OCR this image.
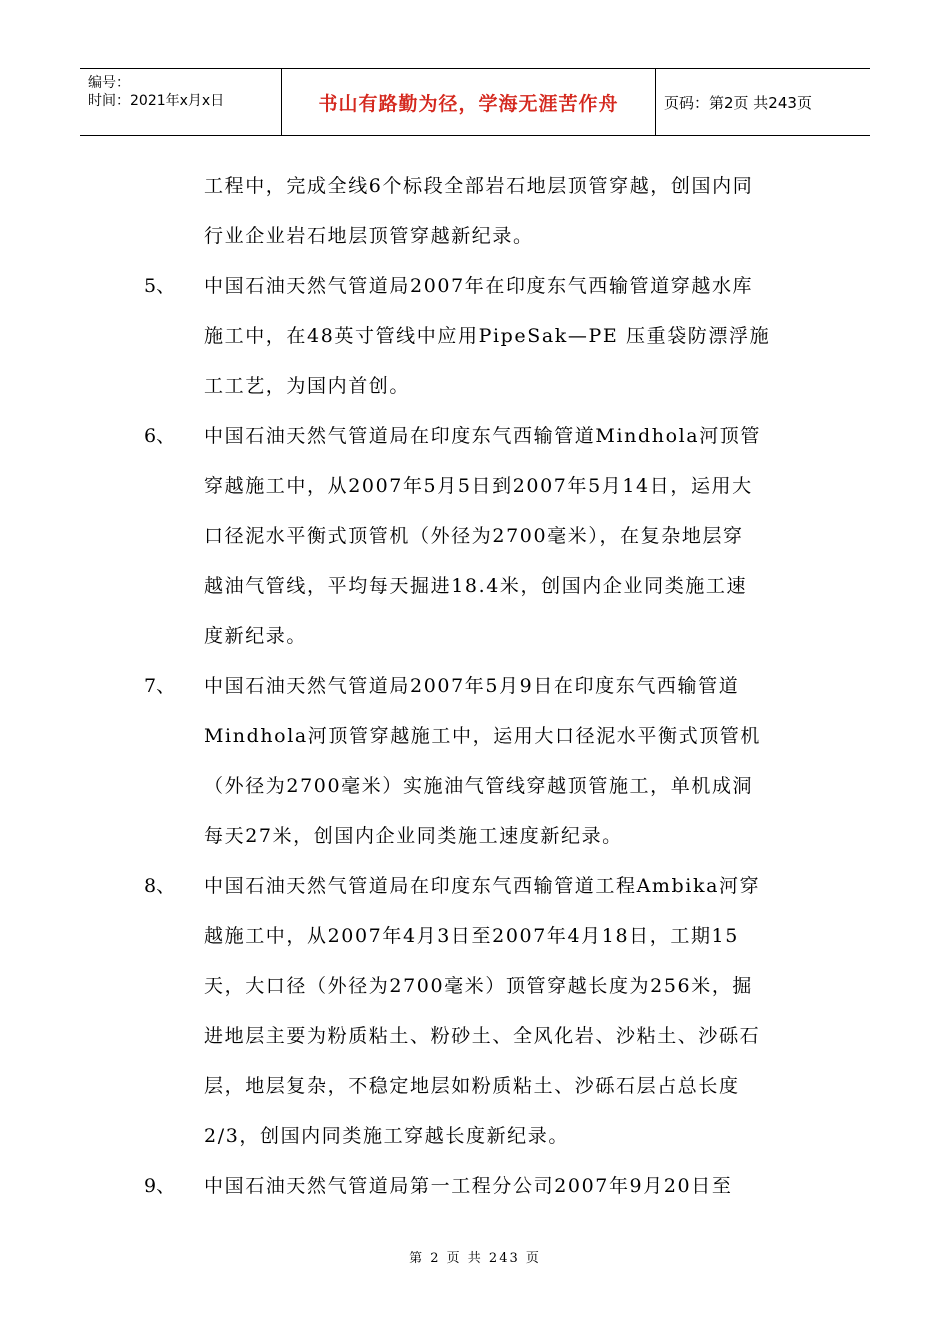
编号：
时间：2021年x月x日	书山有路勤为径，学海无涯苦作舟	页码：第2页 共243页
工程中，完成全线6个标段全部岩石地层顶管穿越，创国内同
行业企业岩石地层顶管穿越新纪录。
5、 中国石油天然气管道局2007年在印度东气西输管道穿越水库
施工中，在48英寸管线中应用PipeSak—PE 压重袋防漂浮施
工工艺，为国内首创。
6、 中国石油天然气管道局在印度东气西输管道Mindhola河顶管
穿越施工中，从2007年5月5日到2007年5月14日，运用大
口径泥水平衡式顶管机（外径为2700毫米），在复杂地层穿
越油气管线，平均每天掘进18.4米，创国内企业同类施工速
度新纪录。
7、 中国石油天然气管道局2007年5月9日在印度东气西输管道
Mindhola河顶管穿越施工中，运用大口径泥水平衡式顶管机
（外径为2700毫米）实施油气管线穿越顶管施工，单机成洞
每天27米，创国内企业同类施工速度新纪录。
8、 中国石油天然气管道局在印度东气西输管道工程Ambika河穿
越施工中，从2007年4月3日至2007年4月18日，工期15
天，大口径（外径为2700毫米）顶管穿越长度为256米，掘
进地层主要为粉质粘土、粉砂土、全风化岩、沙粘土、沙砾石
层，地层复杂，不稳定地层如粉质粘土、沙砾石层占总长度
2/3，创国内同类施工穿越长度新纪录。
9、 中国石油天然气管道局第一工程分公司2007年9月20日至
第 2 页 共 243 页
